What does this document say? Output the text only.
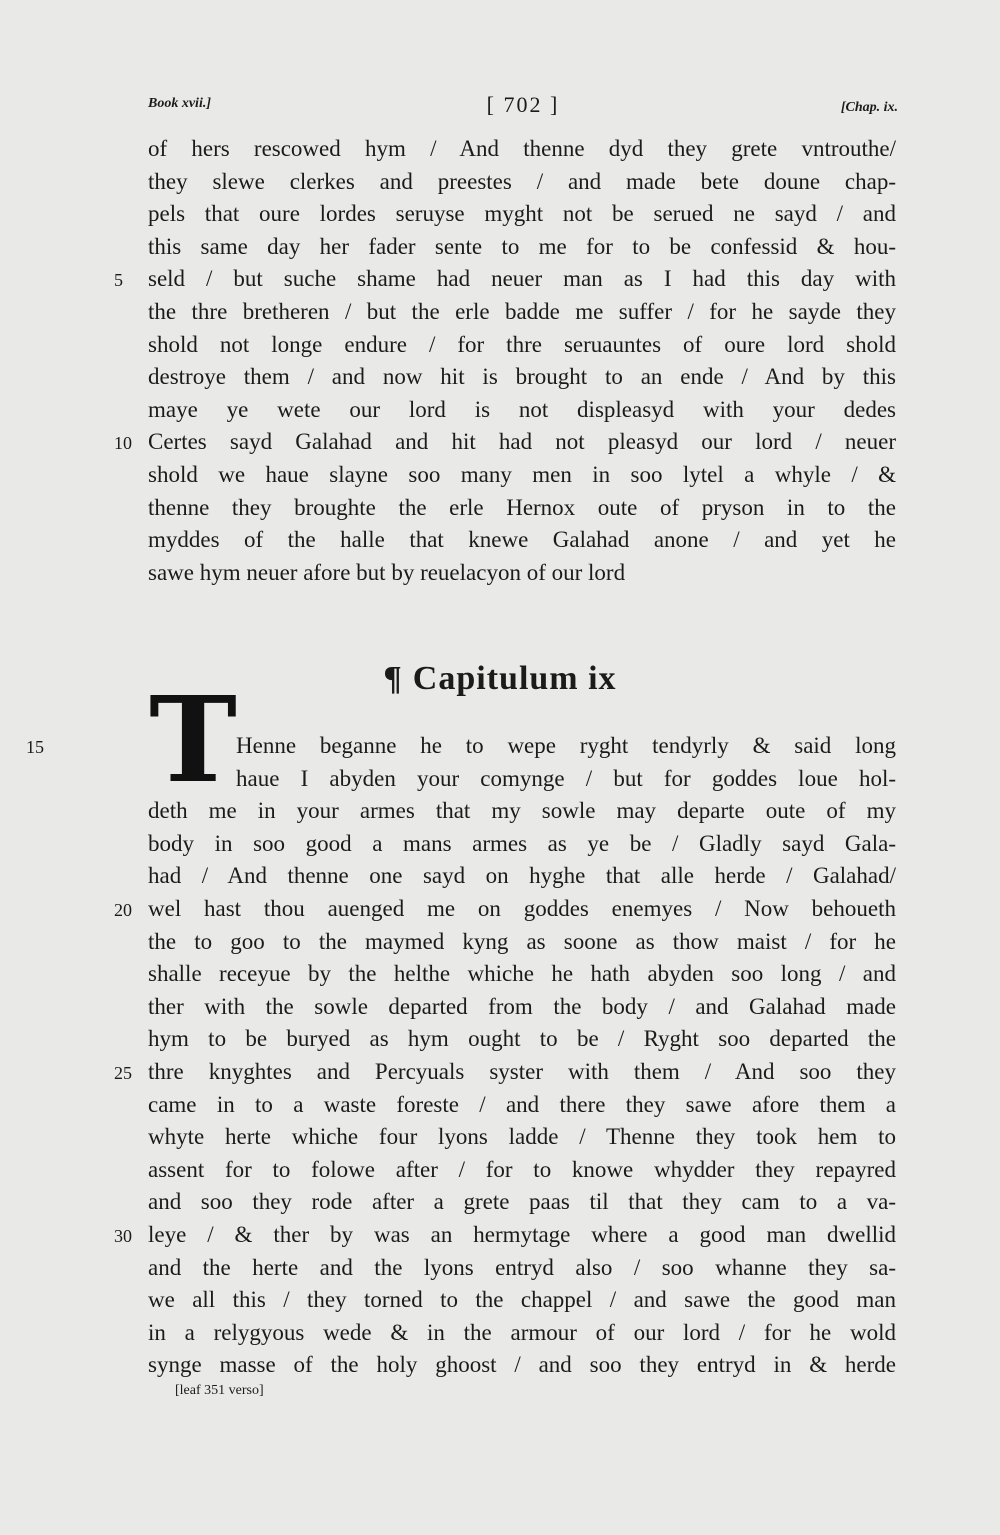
Book xvii.]	[ 702 ]	[Chap. ix.
of hers rescowed hym / And thenne dyd they grete vntrouthe/
they slewe clerkes and preestes / and made bete doune chap-
pels that oure lordes seruyse myght not be serued ne sayd / and
this same day her fader sente to me for to be confessid & hou-
5 seld / but suche shame had neuer man as I had this day with
the thre bretheren / but the erle badde me suffer / for he sayde they
shold not longe endure / for thre seruauntes of oure lord shold
destroye them / and now hit is brought to an ende / And by this
maye ye wete our lord is not displeasyd with your dedes
10 Certes sayd Galahad and hit had not pleasyd our lord / neuer
shold we haue slayne soo many men in soo lytel a whyle / &
thenne they broughte the erle Hernox oute of pryson in to the
myddes of the halle that knewe Galahad anone / and yet he
sawe hym neuer afore but by reuelacyon of our lord
¶ Capitulum ix
T
15	Henne beganne he to wepe ryght tendyrly & said long
haue I abyden your comynge / but for goddes loue hol-
deth me in your armes that my sowle may departe oute of my
body in soo good a mans armes as ye be / Gladly sayd Gala-
had / And thenne one sayd on hyghe that alle herde / Galahad/
20 wel hast thou auenged me on goddes enemyes / Now behoueth
the to goo to the maymed kyng as soone as thow maist / for he
shalle receyue by the helthe whiche he hath abyden soo long / and
ther with the sowle departed from the body / and Galahad made
hym to be buryed as hym ought to be / Ryght soo departed the
25 thre knyghtes and Percyuals syster with them / And soo they
came in to a waste foreste / and there they sawe afore them a
whyte herte whiche four lyons ladde / Thenne they took hem to
assent for to folowe after / for to knowe whydder they repayred
and soo they rode after a grete paas til that they cam to a va-
30 leye / & ther by was an hermytage where a good man dwellid
and the herte and the lyons entryd also / soo whanne they sa-
we all this / they torned to the chappel / and sawe the good man
in a relygyous wede & in the armour of our lord / for he wold
synge masse of the holy ghoost / and soo they entryd in & herde
[leaf 351 verso]
